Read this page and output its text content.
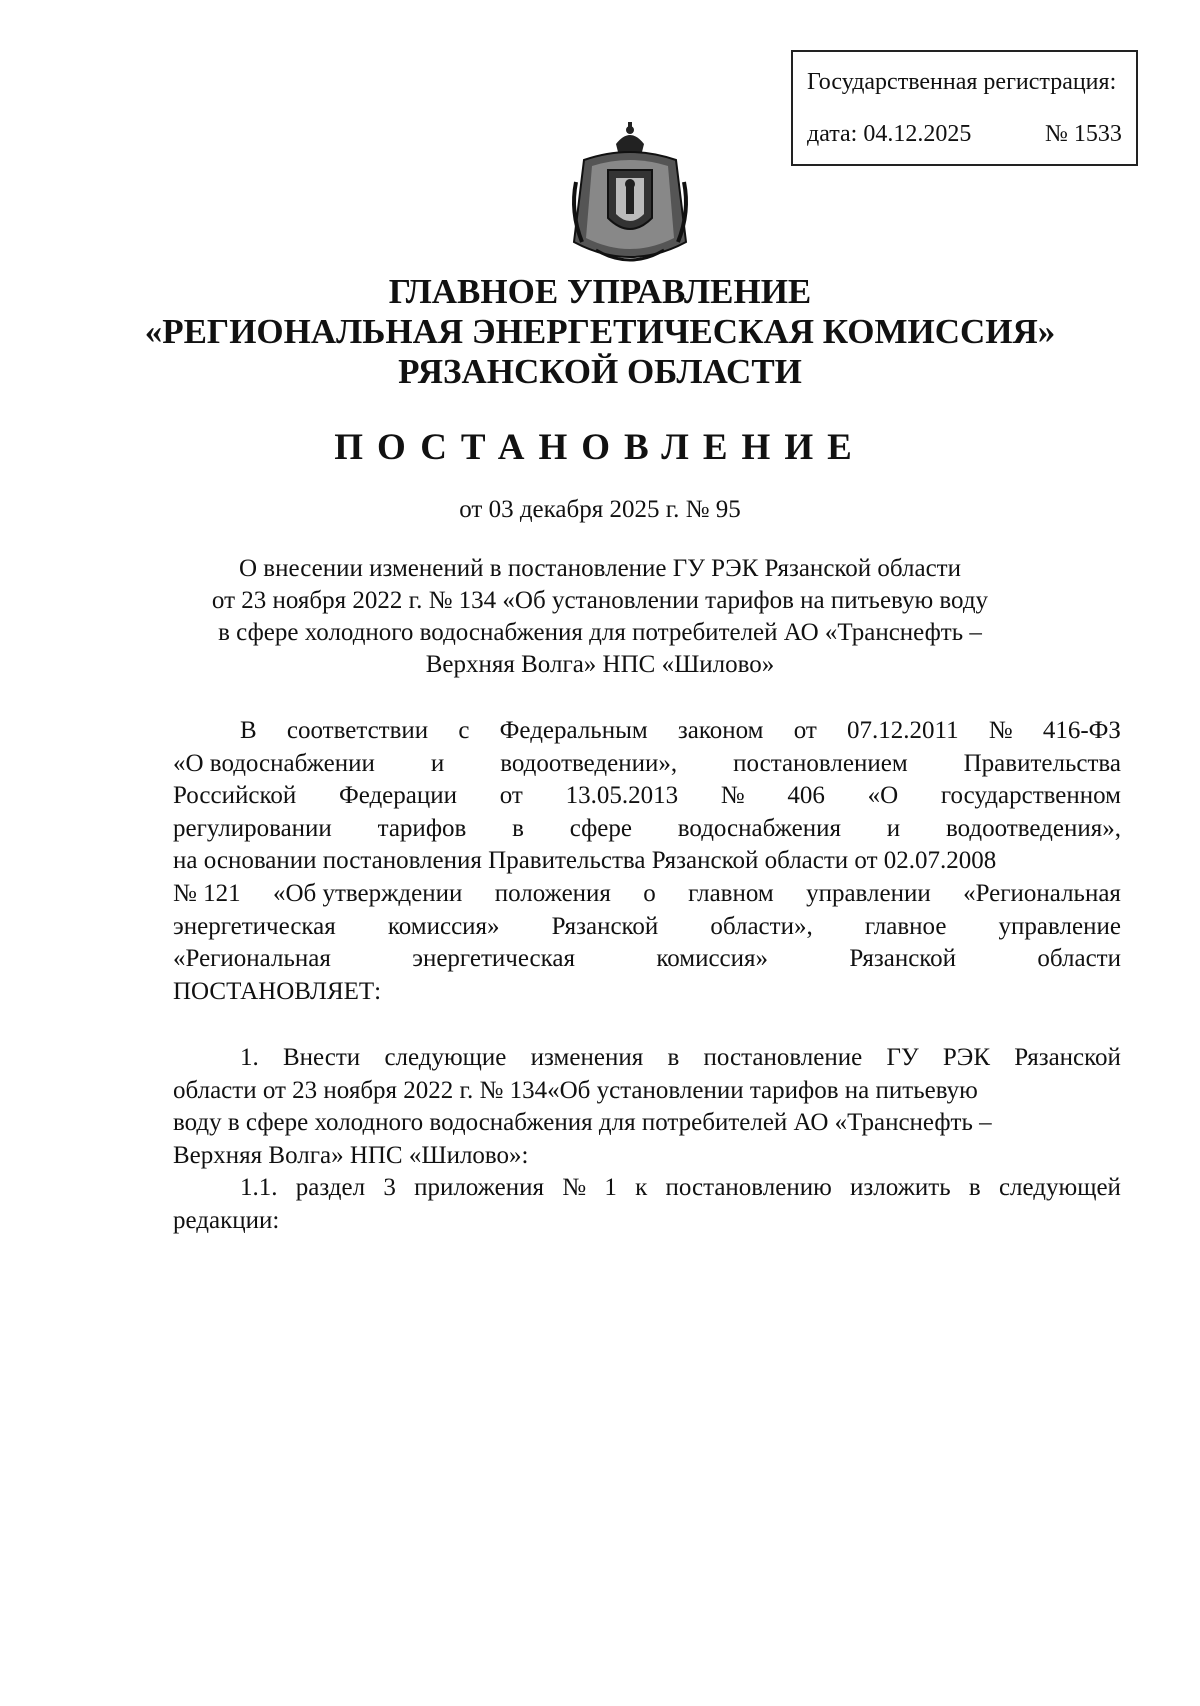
Государственная регистрация:
дата: 04.12.2025	№ 1533
ГЛАВНОЕ УПРАВЛЕНИЕ
«РЕГИОНАЛЬНАЯ ЭНЕРГЕТИЧЕСКАЯ КОМИССИЯ»
РЯЗАНСКОЙ ОБЛАСТИ
ПОСТАНОВЛЕНИЕ
от 03 декабря 2025 г. № 95
О внесении изменений в постановление ГУ РЭК Рязанской области
от 23 ноября 2022 г. № 134 «Об установлении тарифов на питьевую воду
в сфере холодного водоснабжения для потребителей АО «Транснефть –
Верхняя Волга» НПС «Шилово»
В соответствии с Федеральным законом от 07.12.2011 № 416-ФЗ
«О водоснабжении и водоотведении», постановлением Правительства
Российской Федерации от 13.05.2013 № 406 «О государственном
регулировании тарифов в сфере водоснабжения и водоотведения»,
на основании постановления Правительства Рязанской области от 02.07.2008
№ 121 «Об утверждении положения о главном управлении «Региональная
энергетическая комиссия» Рязанской области», главное управление
«Региональная	энергетическая	комиссия»	Рязанской	области
ПОСТАНОВЛЯЕТ:
1. Внести следующие изменения в постановление ГУ РЭК Рязанской
области от 23 ноября 2022 г. № 134«Об установлении тарифов на питьевую
воду в сфере холодного водоснабжения для потребителей АО «Транснефть –
Верхняя Волга» НПС «Шилово»:
1.1. раздел 3 приложения № 1 к постановлению изложить в следующей
редакции:
